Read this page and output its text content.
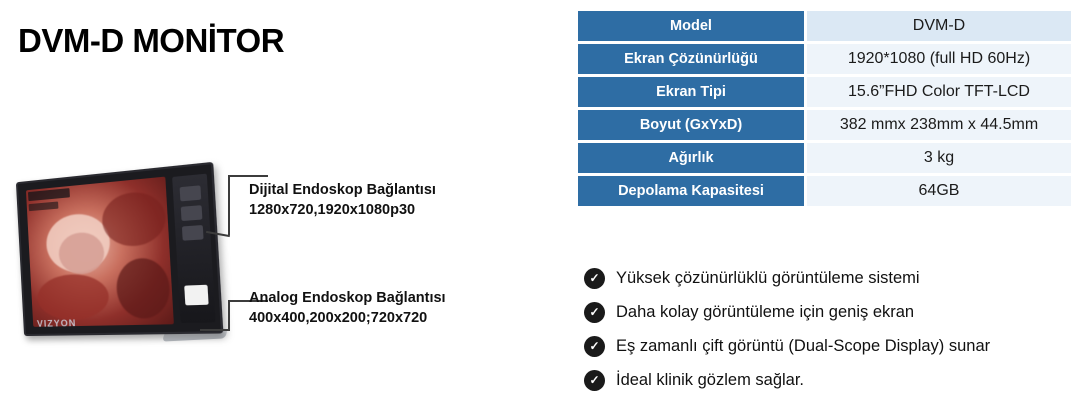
DVM-D MONİTOR
VIZYON
Dijital Endoskop Bağlantısı
1280x720,1920x1080p30
Analog Endoskop Bağlantısı
400x400,200x200;720x720
Model	DVM-D
Ekran Çözünürlüğü	1920*1080 (full HD 60Hz)
Ekran Tipi	15.6”FHD Color TFT-LCD
Boyut (GxYxD)	382 mmx 238mm x 44.5mm
Ağırlık	3 kg
Depolama Kapasitesi	64GB
✓ Yüksek çözünürlüklü görüntüleme sistemi
✓ Daha kolay görüntüleme için geniş ekran
✓ Eş zamanlı çift görüntü (Dual-Scope Display) sunar
✓ İdeal klinik gözlem sağlar.
